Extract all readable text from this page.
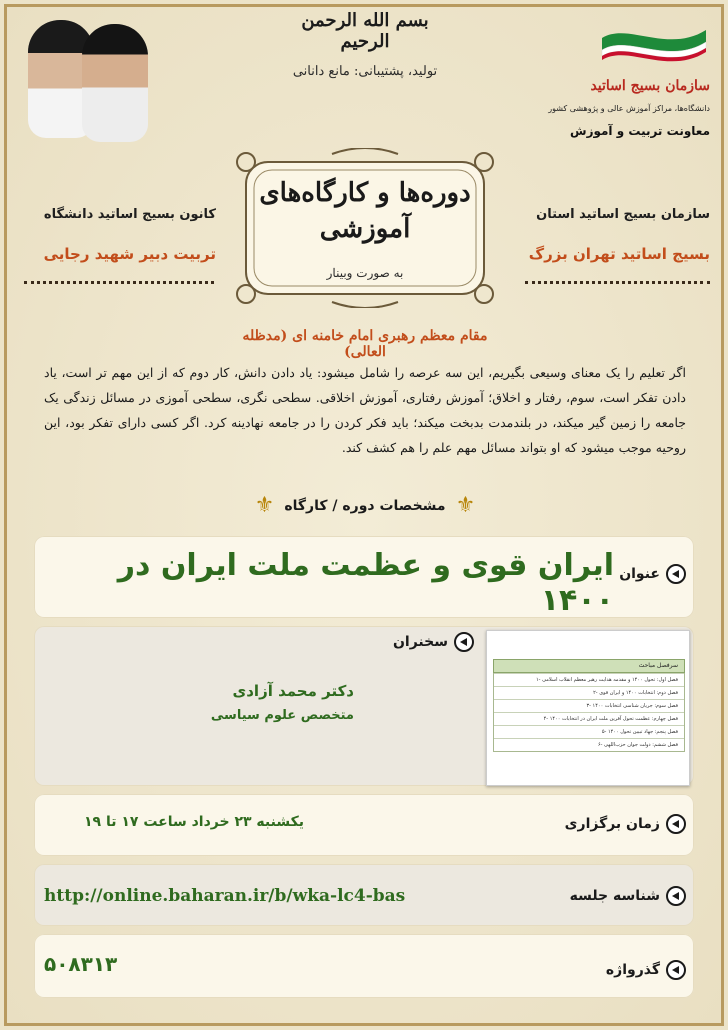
بسم الله الرحمن الرحیم
تولید، پشتیبانی: مانع دانانی
سازمان بسیج اساتید
دانشگاه‌ها، مراکز آموزش عالی و پژوهشی کشور
معاونت تربیت و آموزش
سازمان بسیج اساتید استان
بسیج اساتید تهران بزرگ
کانون بسیج اساتید دانشگاه
تربیت دبیر شهید رجایی
دوره‌ها و کارگاه‌های آموزشی
به صورت وبینار
مقام معظم رهبری امام خامنه ای (مدظله العالی)
اگر تعلیم را یک معنای وسیعی بگیریم، این سه عرصه را شامل میشود: یاد دادن دانش، کار دوم که از این مهم تر است، یاد دادن تفکر است، سوم، رفتار و اخلاق؛ آموزش رفتاری، آموزش اخلاقی. سطحی نگری، سطحی آموزی در مسائل زندگی یک جامعه را زمین گیر میکند، در بلندمدت بدبخت میکند؛ باید فکر کردن را در جامعه نهادینه کرد. اگر کسی دارای تفکر بود، این روحیه موجب میشود که او بتواند مسائل مهم علم را هم کشف کند.
⚜ مشخصات دوره / کارگاه ⚜
عنوان
ایران قوی و عظمت ملت ایران در ۱۴۰۰
سرفصل مباحث
۱- فصل اول: تحول ۱۴۰۰ و مقدمه هدایت رهبر معظم انقلاب اسلامی
۲- فصل دوم: انتخابات ۱۴۰۰ و ایران قوی
۳- فصل سوم: جریان شناسی انتخابات ۱۴۰۰
۴- فصل چهارم: عظمت تحول آفرین ملت ایران در انتخابات ۱۴۰۰
۵- فصل پنجم: جهاد تبیین تحول ۱۴۰۰
۶- فصل ششم: دولت جوان حزب‌اللهی
سخنران
دکتر محمد آزادی
متخصص علوم سیاسی
زمان برگزاری
یکشنبه ۲۳ خرداد ساعت ۱۷ تا ۱۹
شناسه جلسه
http://online.baharan.ir/b/wka-lc4-bas
گذرواژه
۵۰۸۳۱۳
